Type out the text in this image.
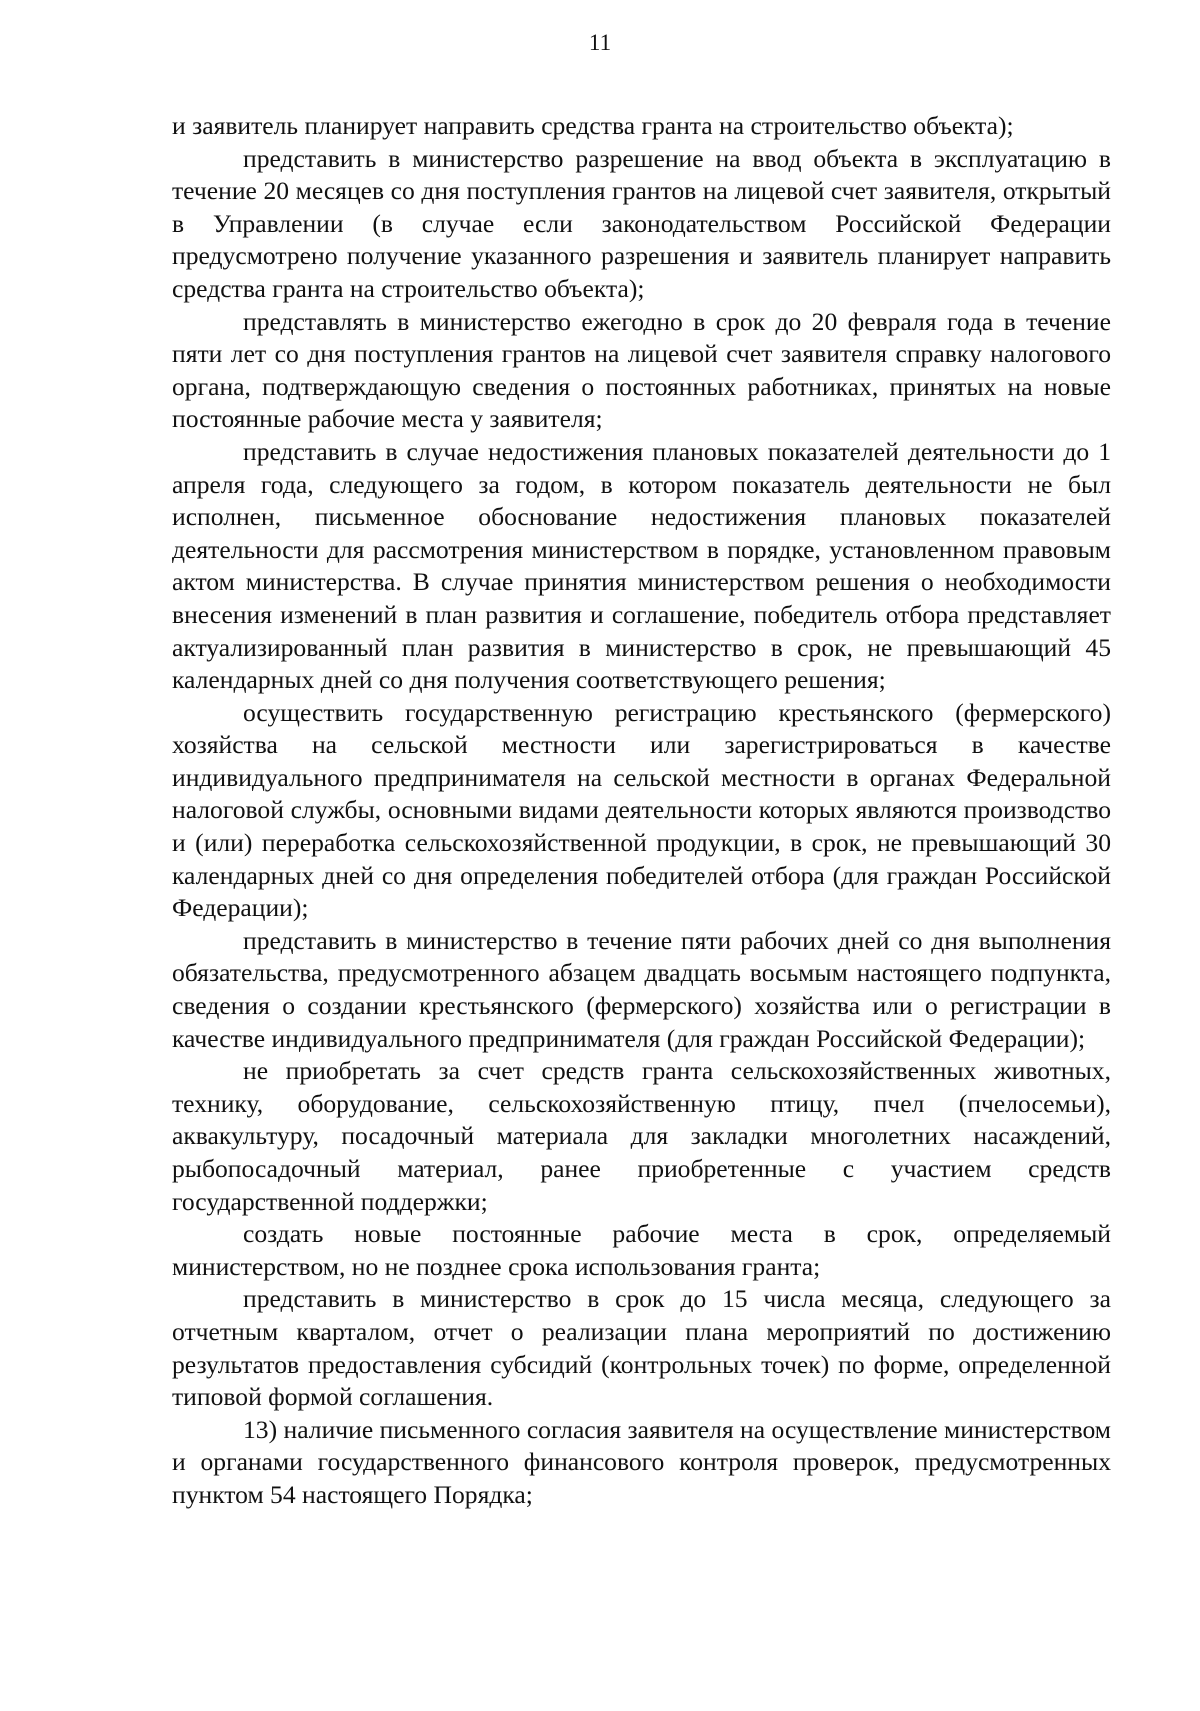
11

и заявитель планирует направить средства гранта на строительство объекта);

представить в министерство разрешение на ввод объекта в эксплуатацию в течение 20 месяцев со дня поступления грантов на лицевой счет заявителя, открытый в Управлении (в случае если законодательством Российской Федерации предусмотрено получение указанного разрешения и заявитель планирует направить средства гранта на строительство объекта);

представлять в министерство ежегодно в срок до 20 февраля года в течение пяти лет со дня поступления грантов на лицевой счет заявителя справку налогового органа, подтверждающую сведения о постоянных работниках, принятых на новые постоянные рабочие места у заявителя;

представить в случае недостижения плановых показателей деятельности до 1 апреля года, следующего за годом, в котором показатель деятельности не был исполнен, письменное обоснование недостижения плановых показателей деятельности для рассмотрения министерством в порядке, установленном правовым актом министерства. В случае принятия министерством решения о необходимости внесения изменений в план развития и соглашение, победитель отбора представляет актуализированный план развития в министерство в срок, не превышающий 45 календарных дней со дня получения соответствующего решения;

осуществить государственную регистрацию крестьянского (фермерского) хозяйства на сельской местности или зарегистрироваться в качестве индивидуального предпринимателя на сельской местности в органах Федеральной налоговой службы, основными видами деятельности которых являются производство и (или) переработка сельскохозяйственной продукции, в срок, не превышающий 30 календарных дней со дня определения победителей отбора (для граждан Российской Федерации);

представить в министерство в течение пяти рабочих дней со дня выполнения обязательства, предусмотренного абзацем двадцать восьмым настоящего подпункта, сведения о создании крестьянского (фермерского) хозяйства или о регистрации в качестве индивидуального предпринимателя (для граждан Российской Федерации);

не приобретать за счет средств гранта сельскохозяйственных животных, технику, оборудование, сельскохозяйственную птицу, пчел (пчелосемьи), аквакультуру, посадочный материала для закладки многолетних насаждений, рыбопосадочный материал, ранее приобретенные с участием средств государственной поддержки;

создать новые постоянные рабочие места в срок, определяемый министерством, но не позднее срока использования гранта;

представить в министерство в срок до 15 числа месяца, следующего за отчетным кварталом, отчет о реализации плана мероприятий по достижению результатов предоставления субсидий (контрольных точек) по форме, определенной типовой формой соглашения.

13) наличие письменного согласия заявителя на осуществление министерством и органами государственного финансового контроля проверок, предусмотренных пунктом 54 настоящего Порядка;
